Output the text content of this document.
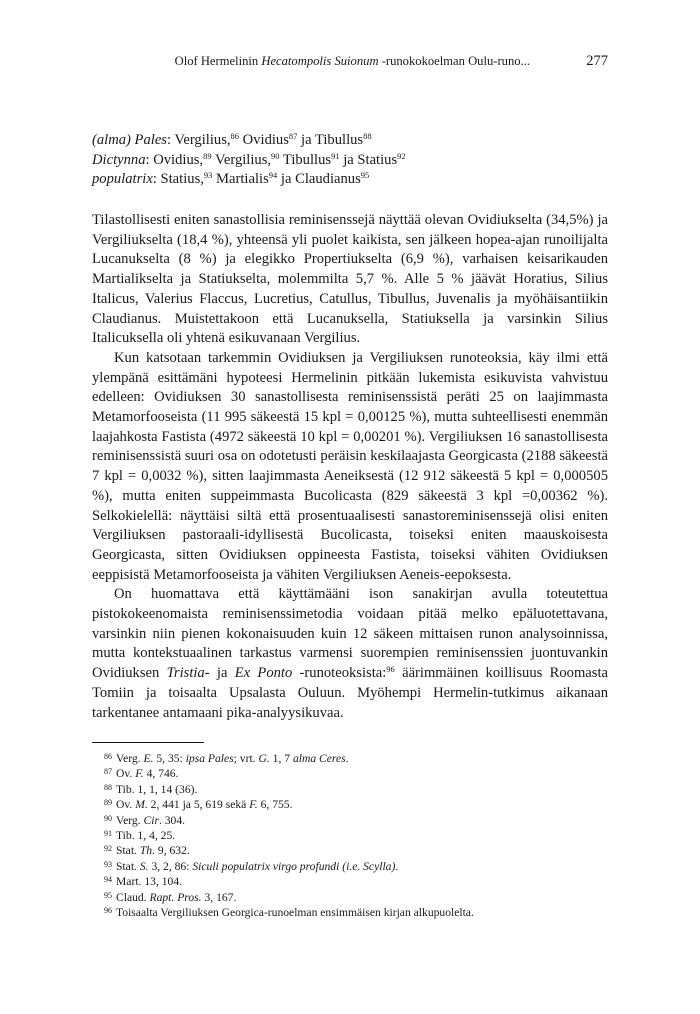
Olof Hermelinin Hecatompolis Suionum -runokokoelman Oulu-runo...	277
(alma) Pales: Vergilius,$^{86}$ Ovidius$^{87}$ ja Tibullus$^{88}$
Dictynna: Ovidius,$^{89}$ Vergilius,$^{90}$ Tibullus$^{91}$ ja Statius$^{92}$
populatrix: Statius,$^{93}$ Martialis$^{94}$ ja Claudianus$^{95}$

Tilastollisesti eniten sanastollisia reminisenssejä näyttää olevan Ovidiukselta (34,5%) ja Vergiliukselta (18,4 %), yhteensä yli puolet kaikista, sen jälkeen hopea-ajan runoilijalta Lucanukselta (8 %) ja elegikko Propertiukselta (6,9 %), varhaisen keisarikauden Martialikselta ja Statiukselta, molemmilta 5,7 %. Alle 5 % jäävät Horatius, Silius Italicus, Valerius Flaccus, Lucretius, Catullus, Tibullus, Juvenalis ja myöhäisantiikin Claudianus. Muistettakoon että Lucanuksella, Statiuksella ja varsinkin Silius Italicuksella oli yhtenä esikuvanaan Vergilius.

Kun katsotaan tarkemmin Ovidiuksen ja Vergiliuksen runoteoksia, käy ilmi että ylempänä esittämäni hypoteesi Hermelinin pitkään lukemista esikuvista vahvistuu edelleen: Ovidiuksen 30 sanastollisesta reminisenssistä peräti 25 on laajimmasta Metamorfooseista (11 995 säkeestä 15 kpl = 0,00125 %), mutta suhteellisesti enemmän laajahkosta Fastista (4972 säkeestä 10 kpl = 0,00201 %). Vergiliuksen 16 sanastollisesta reminisenssistä suuri osa on odotetusti peräisin keskilaajasta Georgicasta (2188 säkeestä 7 kpl = 0,0032 %), sitten laajimmasta Aeneiksestä (12 912 säkeestä 5 kpl = 0,000505 %), mutta eniten suppeimmasta Bucolicasta (829 säkeestä 3 kpl =0,00362 %). Selkokielellä: näyttäisi siltä että prosentuaalisesti sanastoreminisenssejä olisi eniten Vergiliuksen pastoraali-idyllisestä Bucolicasta, toiseksi eniten maauskoisesta Georgicasta, sitten Ovidiuksen oppineesta Fastista, toiseksi vähiten Ovidiuksen eeppisistä Metamorfooseista ja vähiten Vergiliuksen Aeneis-eepoksesta.

On huomattava että käyttämääni ison sanakirjan avulla toteutettua pistokokeenomaista reminisenssimetodia voidaan pitää melko epäluotettavana, varsinkin niin pienen kokonaisuuden kuin 12 säkeen mittaisen runon analysoinnissa, mutta kontekstuaalinen tarkastus varmensi suorempien reminisenssien juontuvankin Ovidiuksen Tristia- ja Ex Ponto -runoteoksista:$^{96}$ äärimmäinen koillisuus Roomasta Tomiin ja toisaalta Upsalasta Ouluun. Myöhempi Hermelin-tutkimus aikanaan tarkentanee antamaani pika-analyysikuvaa.

86 Verg. E. 5, 35: ipsa Pales; vrt. G. 1, 7 alma Ceres.
87 Ov. F. 4, 746.
88 Tib. 1, 1, 14 (36).
89 Ov. M. 2, 441 ja 5, 619 sekä F. 6, 755.
90 Verg. Cir. 304.
91 Tib. 1, 4, 25.
92 Stat. Th. 9, 632.
93 Stat. S. 3, 2, 86: Siculi populatrix virgo profundi (i.e. Scylla).
94 Mart. 13, 104.
95 Claud. Rapt. Pros. 3, 167.
96 Toisaalta Vergiliuksen Georgica-runoelman ensimmäisen kirjan alkupuolelta.
